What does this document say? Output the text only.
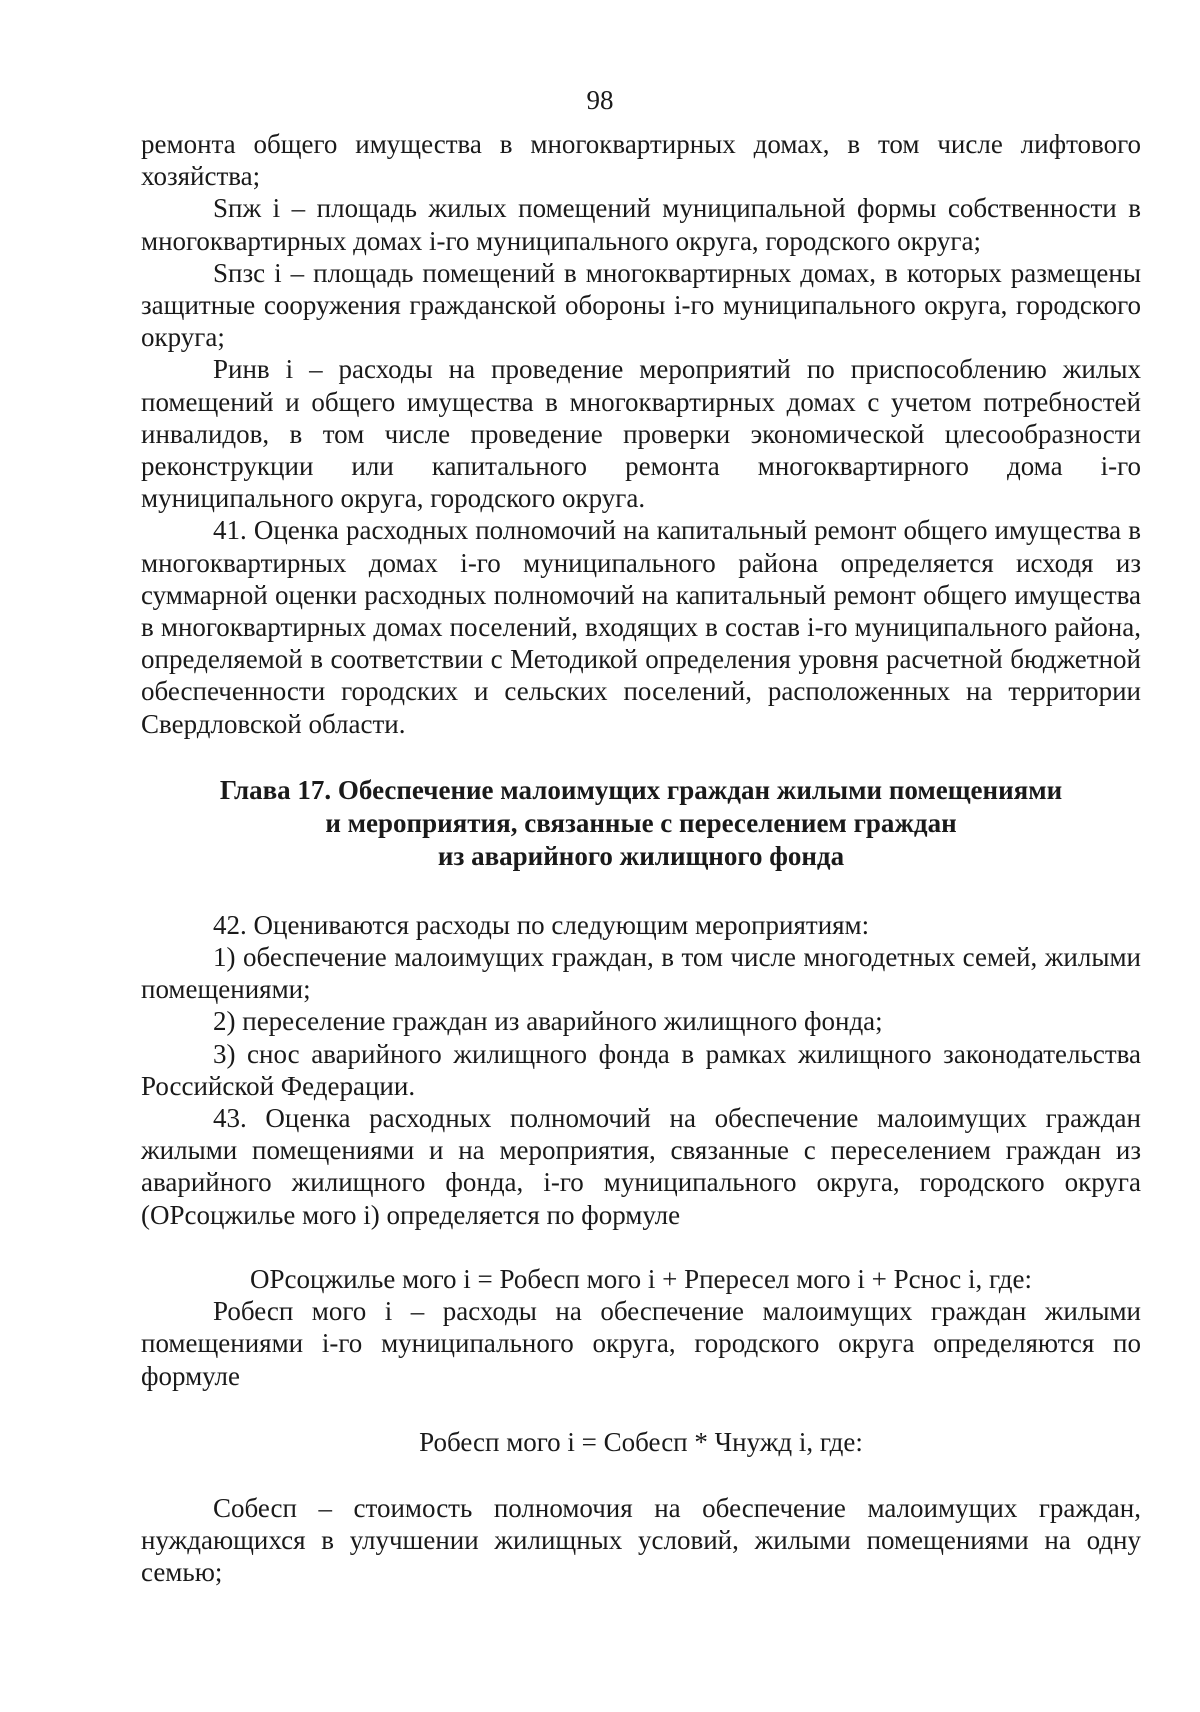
98

ремонта общего имущества в многоквартирных домах, в том числе лифтового хозяйства;

Sпж i – площадь жилых помещений муниципальной формы собственности в многоквартирных домах i-го муниципального округа, городского округа;

Sпзс i – площадь помещений в многоквартирных домах, в которых размещены защитные сооружения гражданской обороны i-го муниципального округа, городского округа;

Ринв i – расходы на проведение мероприятий по приспособлению жилых помещений и общего имущества в многоквартирных домах с учетом потребностей инвалидов, в том числе проведение проверки экономической цлесообразности реконструкции или капитального ремонта многоквартирного дома i-го муниципального округа, городского округа.

41. Оценка расходных полномочий на капитальный ремонт общего имущества в многоквартирных домах i-го муниципального района определяется исходя из суммарной оценки расходных полномочий на капитальный ремонт общего имущества в многоквартирных домах поселений, входящих в состав i-го муниципального района, определяемой в соответствии с Методикой определения уровня расчетной бюджетной обеспеченности городских и сельских поселений, расположенных на территории Свердловской области.

Глава 17. Обеспечение малоимущих граждан жилыми помещениями
и мероприятия, связанные с переселением граждан
из аварийного жилищного фонда

42. Оцениваются расходы по следующим мероприятиям:

1) обеспечение малоимущих граждан, в том числе многодетных семей, жилыми помещениями;

2) переселение граждан из аварийного жилищного фонда;

3) снос аварийного жилищного фонда в рамках жилищного законодательства Российской Федерации.

43. Оценка расходных полномочий на обеспечение малоимущих граждан жилыми помещениями и на мероприятия, связанные с переселением граждан из аварийного жилищного фонда, i-го муниципального округа, городского округа (ОРсоцжилье мого i) определяется по формуле

ОРсоцжилье мого i = Робесп мого i + Рпересел мого i + Рснос i, где:

Робесп мого i – расходы на обеспечение малоимущих граждан жилыми помещениями i-го муниципального округа, городского округа определяются по формуле

Робесп мого i = Собесп * Чнужд i, где:

Собесп – стоимость полномочия на обеспечение малоимущих граждан, нуждающихся в улучшении жилищных условий, жилыми помещениями на одну семью;
